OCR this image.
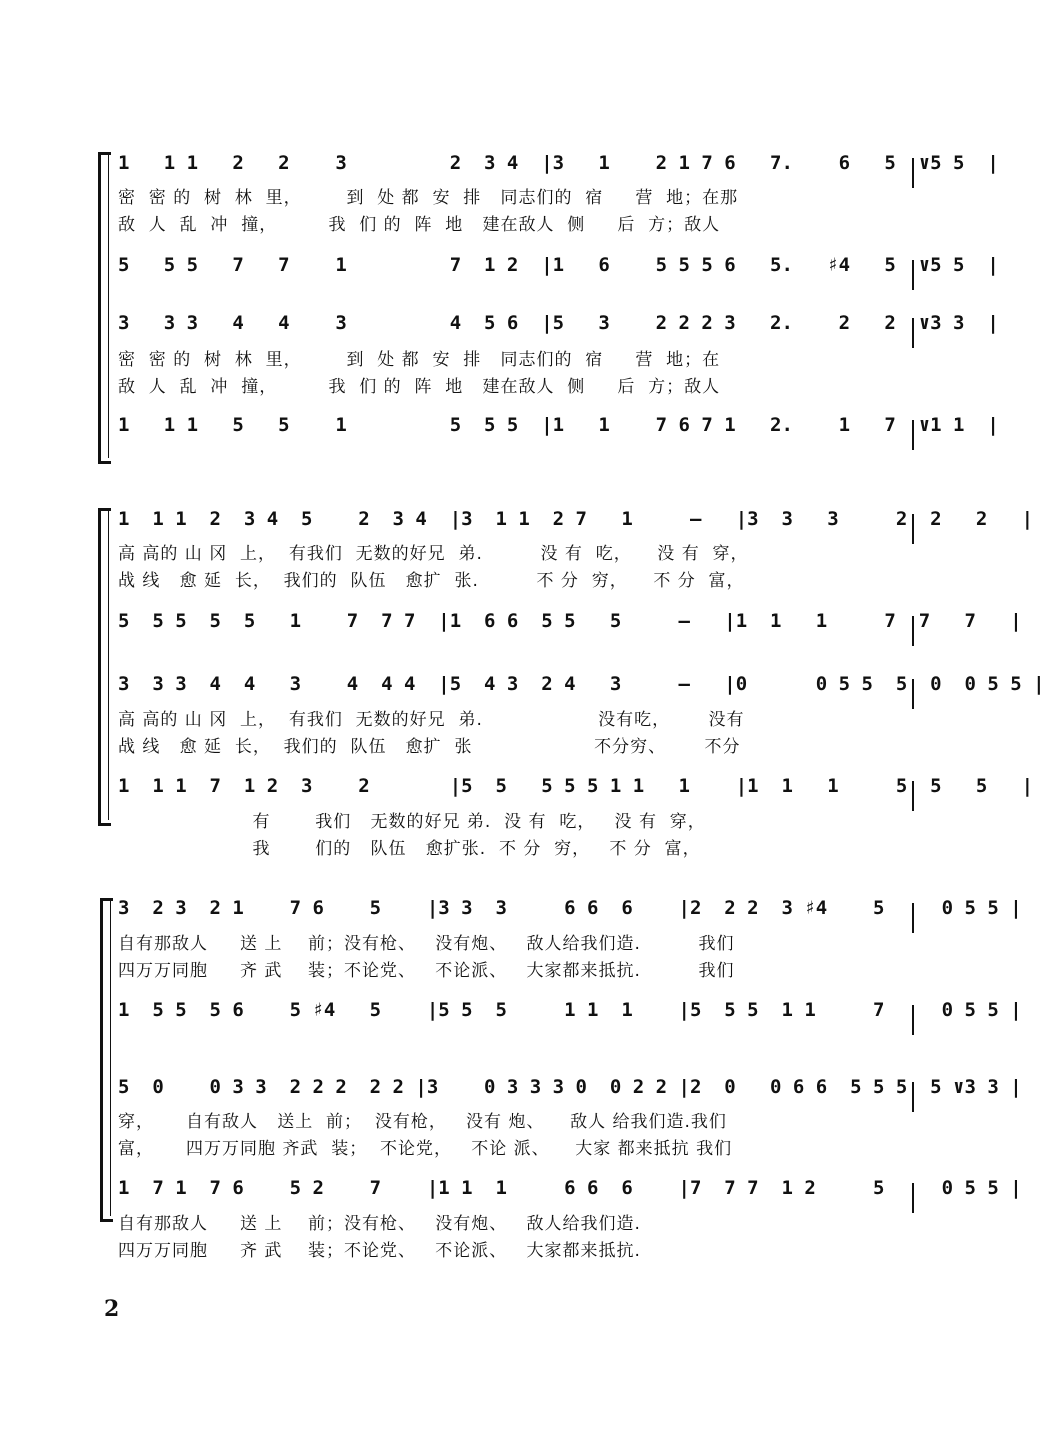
1   1 1   2   2    3         2  3 4  |3   1    2 1 7 6   7.    6   5  ∨5 5  |
密  密 的  树  林  里，       到  处 都  安  排   同志们的  宿     营  地；在那
敌  人  乱  冲  撞，        我  们 的  阵  地   建在敌人  侧     后  方；敌人
5   5 5   7   7    1         7  1 2  |1   6    5 5 5 6   5.   ♯4   5  ∨5 5  |
3   3 3   4   4    3         4  5 6  |5   3    2 2 2 3   2.    2   2  ∨3 3  |
密  密 的  树  林  里，       到  处 都  安  排   同志们的  宿     营  地；在
敌  人  乱  冲  撞，        我  们 的  阵  地   建在敌人  侧     后  方；敌人
1   1 1   5   5    1         5  5 5  |1   1    7 6 7 1   2.    1   7  ∨1 1  |
1  1 1  2  3 4  5    2  3 4  |3  1 1  2 7   1     –   |3  3   3     2  2   2   |
高 高的 山 冈  上，  有我们  无数的好兄  弟.         没 有  吃，    没 有  穿，
战 线   愈 延  长，  我们的  队伍   愈扩  张.         不 分  穷，    不 分  富，
5  5 5  5  5   1    7  7 7  |1  6 6  5 5   5     –   |1  1   1     7  7   7   |
3  3 3  4  4   3    4  4 4  |5  4 3  2 4   3     –   |0      0 5 5  5  0  0 5 5 |
高 高的 山 冈  上，  有我们  无数的好兄  弟.                  没有吃，      没有
战 线   愈 延  长，  我们的  队伍   愈扩  张                   不分穷、      不分
1  1 1  7  1 2  3    2       |5  5   5 5 5 1 1   1    |1  1   1     5  5   5   |
有       我们   无数的好兄 弟.  没 有  吃，   没 有  穿，
我       们的   队伍   愈扩张.  不 分  穷，   不 分  富，
3  2 3  2 1    7 6    5    |3 3  3     6 6  6    |2  2 2  3 ♯4    5     0 5 5 |
自有那敌人     送 上    前；没有枪、   没有炮、   敌人给我们造.         我们
四万万同胞     齐 武    装；不论党、   不论派、   大家都来抵抗.         我们
1  5 5  5 6    5 ♯4   5    |5 5  5     1 1  1    |5  5 5  1 1     7     0 5 5 |
5  0    0 3 3  2 2 2  2 2 |3    0 3 3 3 0  0 2 2 |2  0   0 6 6  5 5 5  5 ∨3 3 |
穿，     自有敌人   送上  前；  没有枪，   没有 炮、    敌人 给我们造.我们
富，     四万万同胞 齐武  装；  不论党，   不论 派、    大家 都来抵抗 我们
1  7 1  7 6    5 2    7    |1 1  1     6 6  6    |7  7 7  1 2     5     0 5 5 |
自有那敌人     送 上    前；没有枪、   没有炮、   敌人给我们造.
四万万同胞     齐 武    装；不论党、   不论派、   大家都来抵抗.
2
